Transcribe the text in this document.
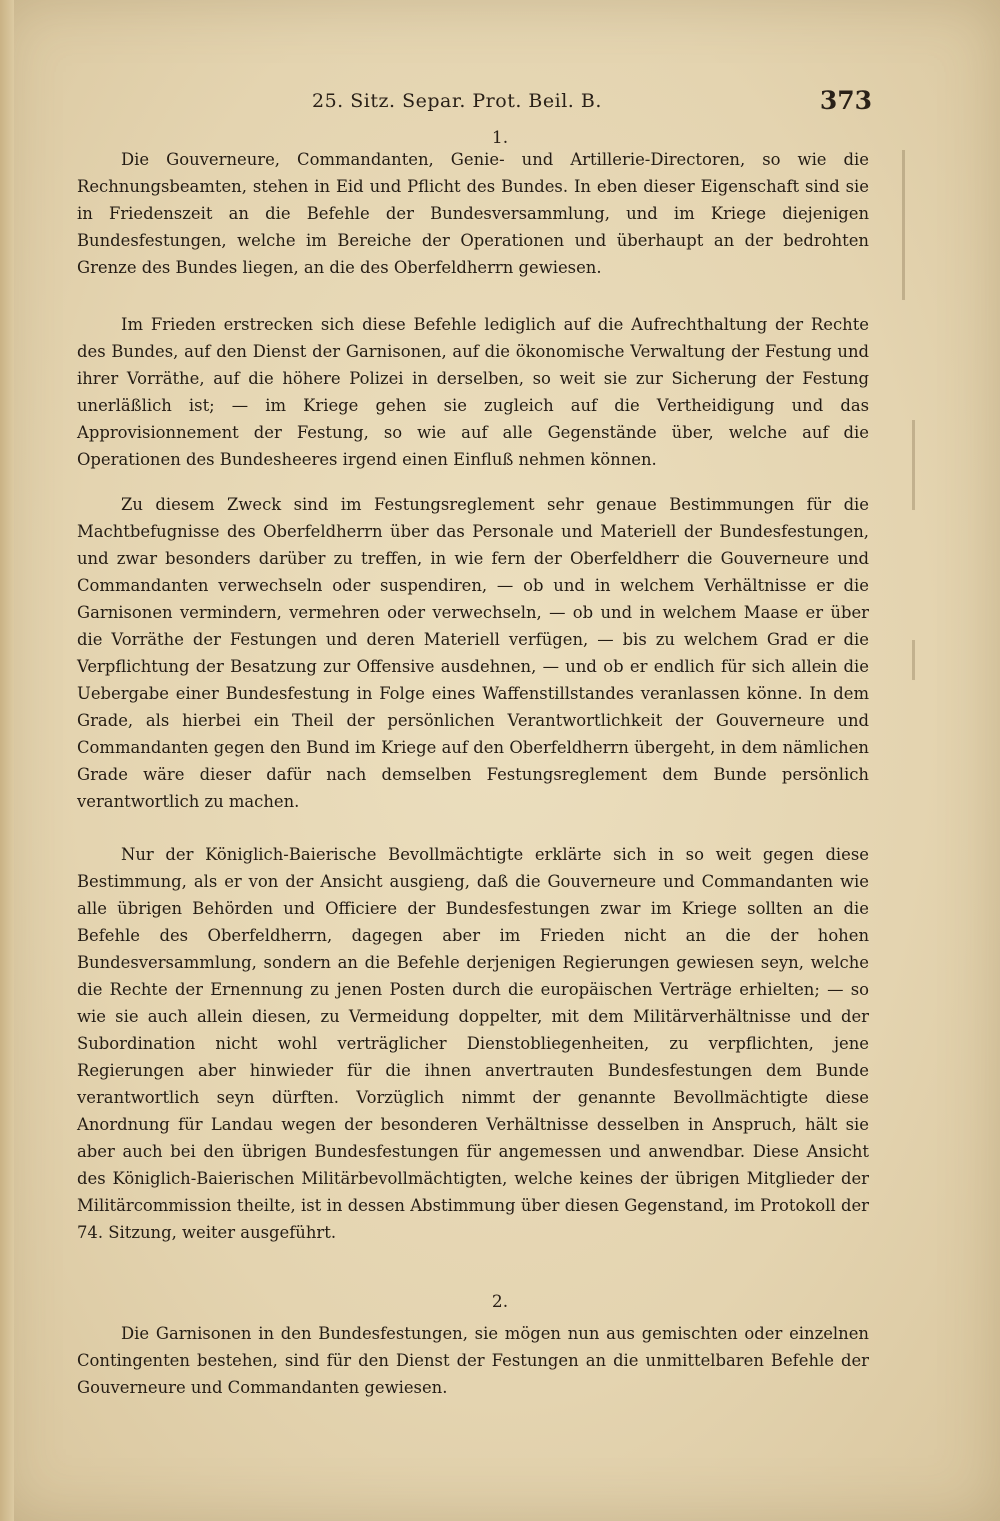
25. Sitz. Separ. Prot. Beil. B.	373
1.

Die Gouverneure, Commandanten, Genie- und Artillerie-Directoren, so wie die Rechnungsbeamten, stehen in Eid und Pflicht des Bundes. In eben dieser Eigenschaft sind sie in Friedenszeit an die Befehle der Bundesversammlung, und im Kriege diejenigen Bundesfestungen, welche im Bereiche der Operationen und überhaupt an der bedrohten Grenze des Bundes liegen, an die des Oberfeldherrn gewiesen.

Im Frieden erstrecken sich diese Befehle lediglich auf die Aufrechthaltung der Rechte des Bundes, auf den Dienst der Garnisonen, auf die ökonomische Verwaltung der Festung und ihrer Vorräthe, auf die höhere Polizei in derselben, so weit sie zur Sicherung der Festung unerläßlich ist; — im Kriege gehen sie zugleich auf die Vertheidigung und das Approvisionnement der Festung, so wie auf alle Gegenstände über, welche auf die Operationen des Bundesheeres irgend einen Einfluß nehmen können.

Zu diesem Zweck sind im Festungsreglement sehr genaue Bestimmungen für die Machtbefugnisse des Oberfeldherrn über das Personale und Materiell der Bundesfestungen, und zwar besonders darüber zu treffen, in wie fern der Oberfeldherr die Gouverneure und Commandanten verwechseln oder suspendiren, — ob und in welchem Verhältnisse er die Garnisonen vermindern, vermehren oder verwechseln, — ob und in welchem Maase er über die Vorräthe der Festungen und deren Materiell verfügen, — bis zu welchem Grad er die Verpflichtung der Besatzung zur Offensive ausdehnen, — und ob er endlich für sich allein die Uebergabe einer Bundesfestung in Folge eines Waffenstillstandes veranlassen könne. In dem Grade, als hierbei ein Theil der persönlichen Verantwortlichkeit der Gouverneure und Commandanten gegen den Bund im Kriege auf den Oberfeldherrn übergeht, in dem nämlichen Grade wäre dieser dafür nach demselben Festungsreglement dem Bunde persönlich verantwortlich zu machen.

Nur der Königlich-Baierische Bevollmächtigte erklärte sich in so weit gegen diese Bestimmung, als er von der Ansicht ausgieng, daß die Gouverneure und Commandanten wie alle übrigen Behörden und Officiere der Bundesfestungen zwar im Kriege sollten an die Befehle des Oberfeldherrn, dagegen aber im Frieden nicht an die der hohen Bundesversammlung, sondern an die Befehle derjenigen Regierungen gewiesen seyn, welche die Rechte der Ernennung zu jenen Posten durch die europäischen Verträge erhielten; — so wie sie auch allein diesen, zu Vermeidung doppelter, mit dem Militärverhältnisse und der Subordination nicht wohl verträglicher Dienstobliegenheiten, zu verpflichten, jene Regierungen aber hinwieder für die ihnen anvertrauten Bundesfestungen dem Bunde verantwortlich seyn dürften. Vorzüglich nimmt der genannte Bevollmächtigte diese Anordnung für Landau wegen der besonderen Verhältnisse desselben in Anspruch, hält sie aber auch bei den übrigen Bundesfestungen für angemessen und anwendbar. Diese Ansicht des Königlich-Baierischen Militärbevollmächtigten, welche keines der übrigen Mitglieder der Militärcommission theilte, ist in dessen Abstimmung über diesen Gegenstand, im Protokoll der 74. Sitzung, weiter ausgeführt.

2.

Die Garnisonen in den Bundesfestungen, sie mögen nun aus gemischten oder einzelnen Contingenten bestehen, sind für den Dienst der Festungen an die unmittelbaren Befehle der Gouverneure und Commandanten gewiesen.
